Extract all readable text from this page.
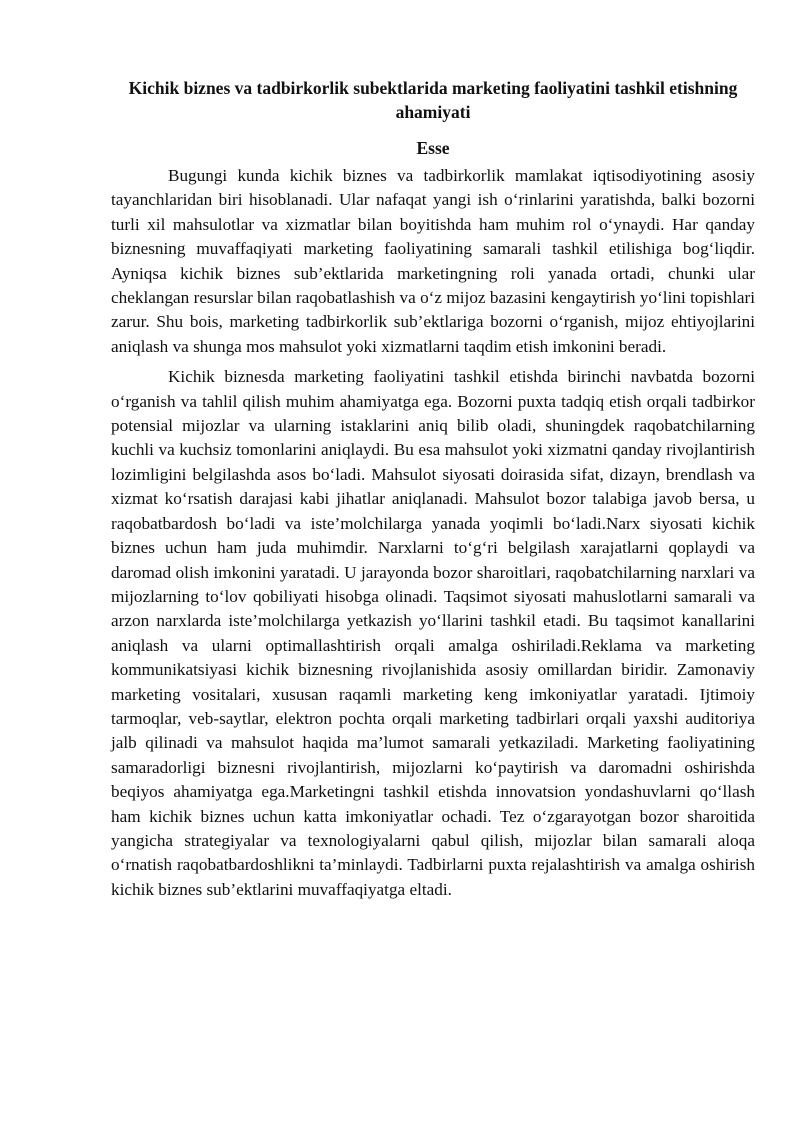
Kichik biznes va tadbirkorlik subektlarida marketing faoliyatini tashkil etishning ahamiyati
Esse

Bugungi kunda kichik biznes va tadbirkorlik mamlakat iqtisodiyotining asosiy tayanchlaridan biri hisoblanadi. Ular nafaqat yangi ish o‘rinlarini yaratishda, balki bozorni turli xil mahsulotlar va xizmatlar bilan boyitishda ham muhim rol o‘ynaydi. Har qanday biznesning muvaffaqiyati marketing faoliyatining samarali tashkil etilishiga bog‘liqdir. Ayniqsa kichik biznes sub’ektlarida marketingning roli yanada ortadi, chunki ular cheklangan resurslar bilan raqobatlashish va o‘z mijoz bazasini kengaytirish yo‘lini topishlari zarur. Shu bois, marketing tadbirkorlik sub’ektlariga bozorni o‘rganish, mijoz ehtiyojlarini aniqlash va shunga mos mahsulot yoki xizmatlarni taqdim etish imkonini beradi.

Kichik biznesda marketing faoliyatini tashkil etishda birinchi navbatda bozorni o‘rganish va tahlil qilish muhim ahamiyatga ega. Bozorni puxta tadqiq etish orqali tadbirkor potensial mijozlar va ularning istaklarini aniq bilib oladi, shuningdek raqobatchilarning kuchli va kuchsiz tomonlarini aniqlaydi. Bu esa mahsulot yoki xizmatni qanday rivojlantirish lozimligini belgilashda asos bo‘ladi. Mahsulot siyosati doirasida sifat, dizayn, brendlash va xizmat ko‘rsatish darajasi kabi jihatlar aniqlanadi. Mahsulot bozor talabiga javob bersa, u raqobatbardosh bo‘ladi va iste’molchilarga yanada yoqimli bo‘ladi.Narx siyosati kichik biznes uchun ham juda muhimdir. Narxlarni to‘g‘ri belgilash xarajatlarni qoplaydi va daromad olish imkonini yaratadi. U jarayonda bozor sharoitlari, raqobatchilarning narxlari va mijozlarning to‘lov qobiliyati hisobga olinadi. Taqsimot siyosati mahuslotlarni samarali va arzon narxlarda iste’molchilarga yetkazish yo‘llarini tashkil etadi. Bu taqsimot kanallarini aniqlash va ularni optimallashtirish orqali amalga oshiriladi.Reklama va marketing kommunikatsiyasi kichik biznesning rivojlanishida asosiy omillardan biridir. Zamonaviy marketing vositalari, xususan raqamli marketing keng imkoniyatlar yaratadi. Ijtimoiy tarmoqlar, veb-saytlar, elektron pochta orqali marketing tadbirlari orqali yaxshi auditoriya jalb qilinadi va mahsulot haqida ma’lumot samarali yetkaziladi. Marketing faoliyatining samaradorligi biznesni rivojlantirish, mijozlarni ko‘paytirish va daromadni oshirishda beqiyos ahamiyatga ega.Marketingni tashkil etishda innovatsion yondashuvlarni qo‘llash ham kichik biznes uchun katta imkoniyatlar ochadi. Tez o‘zgarayotgan bozor sharoitida yangicha strategiyalar va texnologiyalarni qabul qilish, mijozlar bilan samarali aloqa o‘rnatish raqobatbardoshlikni ta’minlaydi. Tadbirlarni puxta rejalashtirish va amalga oshirish kichik biznes sub’ektlarini muvaffaqiyatga eltadi.
